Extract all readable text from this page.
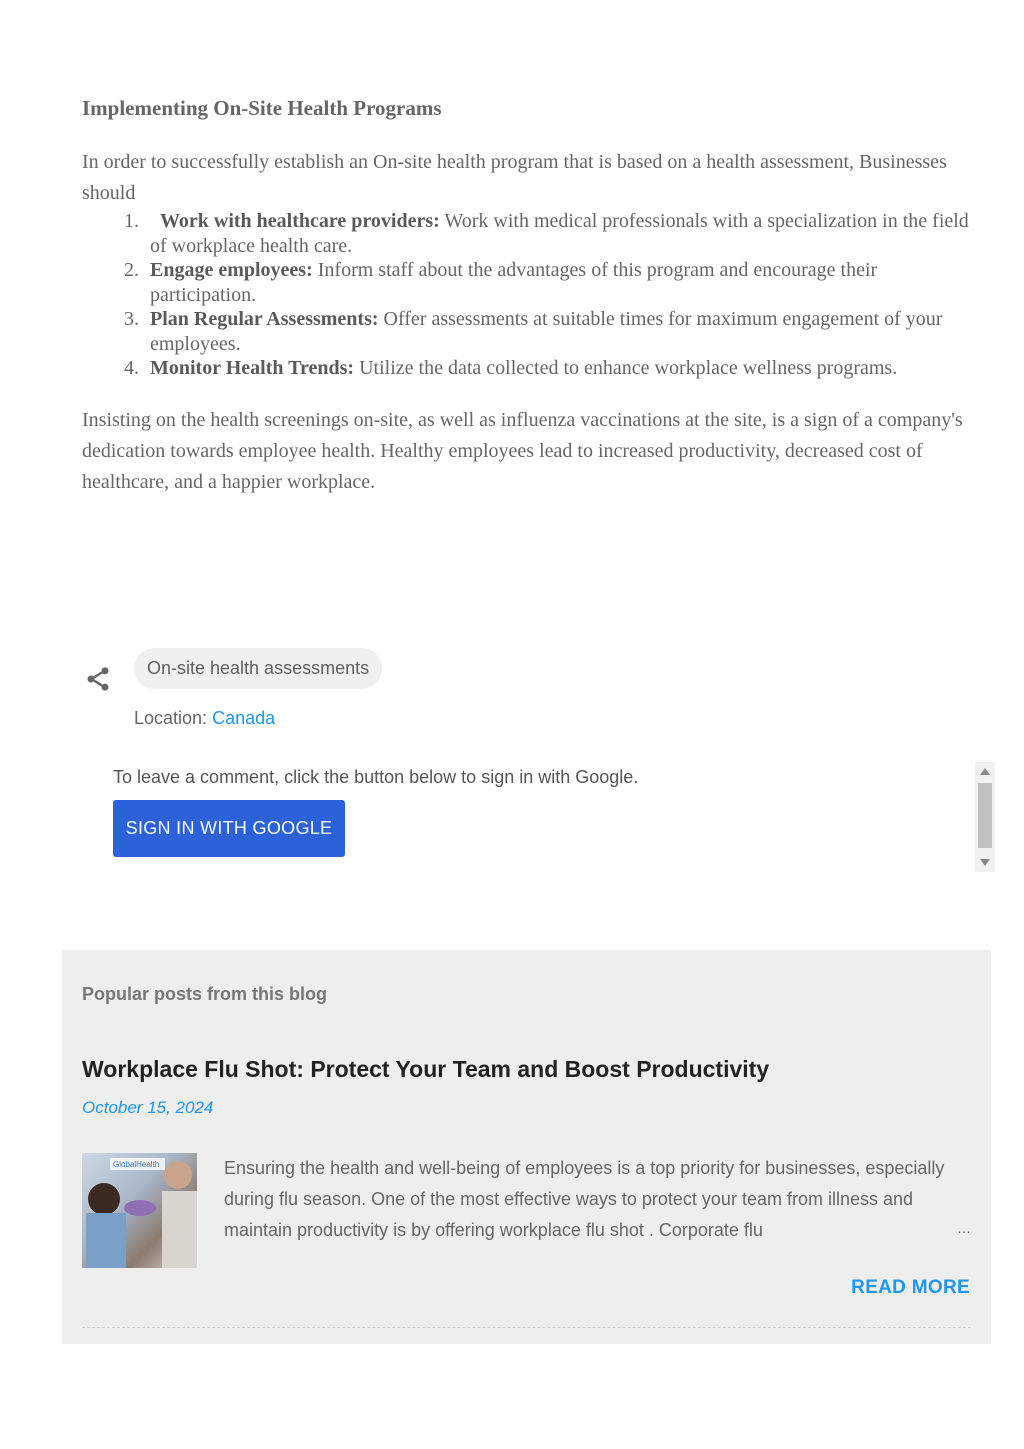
Implementing On-Site Health Programs

In order to successfully establish an On-site health program that is based on a health assessment, Businesses should

1. Work with healthcare providers: Work with medical professionals with a specialization in the field of workplace health care.
2. Engage employees: Inform staff about the advantages of this program and encourage their participation.
3. Plan Regular Assessments: Offer assessments at suitable times for maximum engagement of your employees.
4. Monitor Health Trends: Utilize the data collected to enhance workplace wellness programs.

Insisting on the health screenings on-site, as well as influenza vaccinations at the site, is a sign of a company's dedication towards employee health. Healthy employees lead to increased productivity, decreased cost of healthcare, and a happier workplace.

On-site health assessments
Location: Canada
To leave a comment, click the button below to sign in with Google.
SIGN IN WITH GOOGLE
Popular posts from this blog
Workplace Flu Shot: Protect Your Team and Boost Productivity
October 15, 2024
GlobalHealth	Ensuring the health and well-being of employees is a top priority for businesses, especially during flu season. One of the most effective ways to protect your team from illness and maintain productivity is by offering workplace flu shot . Corporate flu	…
READ MORE
